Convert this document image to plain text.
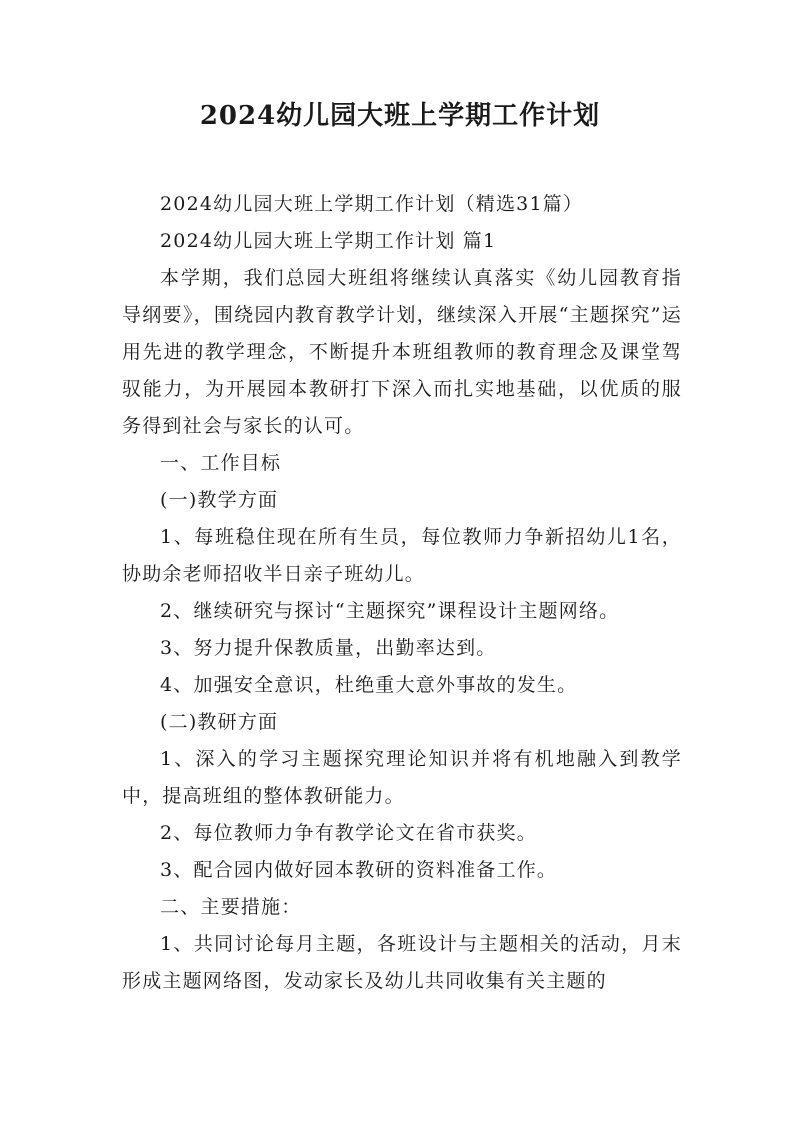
2024幼儿园大班上学期工作计划

2024幼儿园大班上学期工作计划（精选31篇）

2024幼儿园大班上学期工作计划 篇1

本学期，我们总园大班组将继续认真落实《幼儿园教育指导纲要》，围绕园内教育教学计划，继续深入开展“主题探究”运用先进的教学理念，不断提升本班组教师的教育理念及课堂驾驭能力，为开展园本教研打下深入而扎实地基础，以优质的服务得到社会与家长的认可。

一、工作目标

(一)教学方面

1、每班稳住现在所有生员，每位教师力争新招幼儿1名，协助余老师招收半日亲子班幼儿。

2、继续研究与探讨“主题探究”课程设计主题网络。

3、努力提升保教质量，出勤率达到。

4、加强安全意识，杜绝重大意外事故的发生。

(二)教研方面

1、深入的学习主题探究理论知识并将有机地融入到教学中，提高班组的整体教研能力。

2、每位教师力争有教学论文在省市获奖。

3、配合园内做好园本教研的资料准备工作。

二、主要措施：

1、共同讨论每月主题，各班设计与主题相关的活动，月末形成主题网络图，发动家长及幼儿共同收集有关主题的
